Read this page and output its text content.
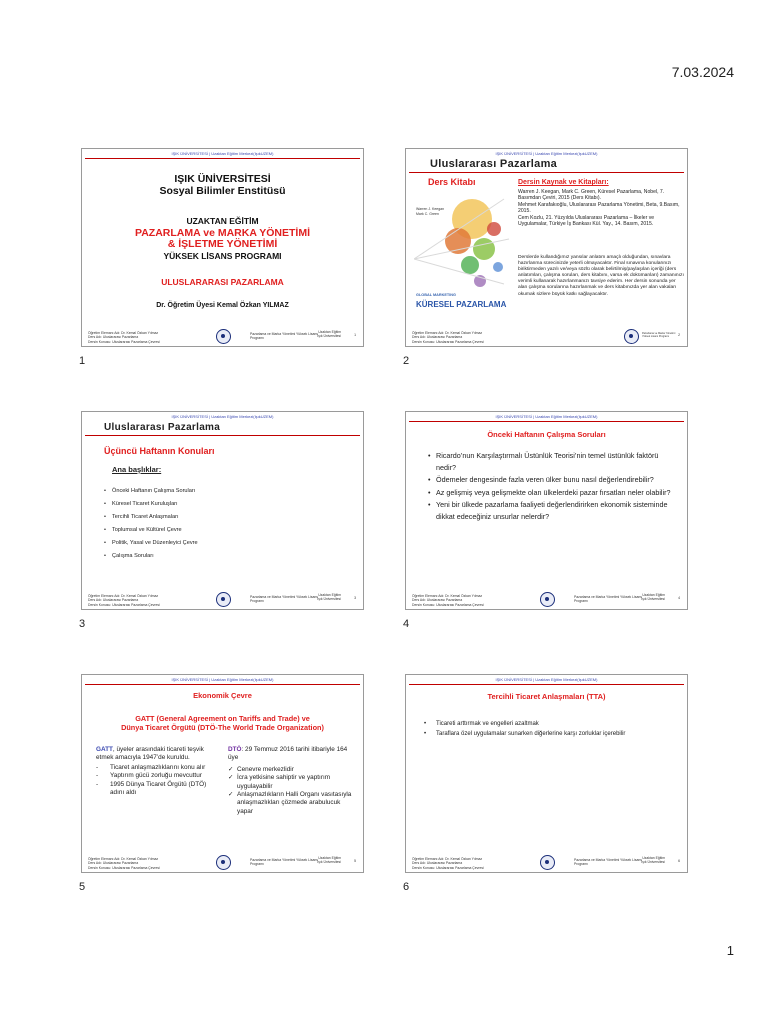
7.03.2024
IŞIK ÜNİVERSİTESİ | Uzaktan Eğitim Merkezi(IşıkUZEM)
IŞIK ÜNİVERSİTESİ
Sosyal Bilimler Enstitüsü
UZAKTAN EĞİTİM
PAZARLAMA ve MARKA YÖNETİMİ
& İŞLETME YÖNETİMİ
YÜKSEK LİSANS PROGRAMI
ULUSLARARASI PAZARLAMA
Dr. Öğretim Üyesi Kemal Özkan YILMAZ
Öğretim Elemanı Adı: Dr. Kemal Özkan Yılmaz
Ders Adı: Uluslararası Pazarlama
Dersin Konusu: Uluslararası Pazarlama Çevresi
Pazarlama ve Marka Yönetimi Yüksek Lisans Programı
Uzaktan Eğitim
Işık Üniversitesi	1
1
IŞIK ÜNİVERSİTESİ | Uzaktan Eğitim Merkezi(IşıkUZEM)
Uluslararası Pazarlama
Ders Kitabı
Warren J. Keegan
Mark C. Green
GLOBAL MARKETING
KÜRESEL PAZARLAMA
Dersin Kaynak ve Kitapları:
Warren J. Keegan, Mark C. Green, Küresel Pazarlama, Nobel, 7. Basımdan Çeviri, 2015 (Ders Kitabı).
Mehmet Karafakıoğlu, Uluslararası Pazarlama Yönetimi, Beta, 9.Basım, 2015.
Cem Kozlu, 21. Yüzyılda Uluslararası Pazarlama – İlkeler ve Uygulamalar, Türkiye İş Bankası Kül. Yay., 14. Basım, 2015.
Derslerde kullandığımız yansılar anlatım amaçlı olduğundan, sınavlara hazırlanma sürecinizde yeterli olmayacaktır. Final sınavına konularınızı biriktirmeden yazılı ve/veya sözlü olarak belirtilmiş/paylaşılan içeriği (ders anlatımları, çalışma soruları, ders kitabını, varsa ek dokümanları) zamanınızı verimli kullanarak hazırlanmanızı tavsiye ederim. Her dersin sonunda yer alan çalışma sorularına hazırlanmak ve ders kitabınızda yer alan vakaları okumak sizlere büyük katkı sağlayacaktır.
Öğretim Elemanı Adı: Dr. Kemal Özkan Yılmaz
Ders Adı: Uluslararası Pazarlama
Dersin Konusu: Uluslararası Pazarlama Çevresi
Pazarlama ve Marka Yönetimi Yüksek Lisans Programı	2
2
IŞIK ÜNİVERSİTESİ | Uzaktan Eğitim Merkezi(IşıkUZEM)
Uluslararası Pazarlama
Üçüncü Haftanın Konuları
Ana başlıklar:
• Önceki Haftanın Çalışma Soruları
• Küresel Ticaret Kuruluşları
• Tercihli Ticaret Anlaşmaları
• Toplumsal ve Kültürel Çevre
• Politik, Yasal ve Düzenleyici Çevre
• Çalışma Soruları
Öğretim Elemanı Adı: Dr. Kemal Özkan Yılmaz
Ders Adı: Uluslararası Pazarlama
Dersin Konusu: Uluslararası Pazarlama Çevresi
Pazarlama ve Marka Yönetimi Yüksek Lisans Programı
Uzaktan Eğitim
Işık Üniversitesi	3
3
IŞIK ÜNİVERSİTESİ | Uzaktan Eğitim Merkezi(IşıkUZEM)
Önceki Haftanın Çalışma Soruları
• Ricardo’nun Karşılaştırmalı Üstünlük Teorisi’nin temel üstünlük faktörü nedir?
• Ödemeler dengesinde fazla veren ülker bunu nasıl değerlendirebilir?
• Az gelişmiş veya gelişmekte olan ülkelerdeki pazar fırsatları neler olabilir?
• Yeni bir ülkede pazarlama faaliyeti değerlendirirken ekonomik sisteminde dikkat edeceğiniz unsurlar nelerdir?
Öğretim Elemanı Adı: Dr. Kemal Özkan Yılmaz
Ders Adı: Uluslararası Pazarlama
Dersin Konusu: Uluslararası Pazarlama Çevresi
Pazarlama ve Marka Yönetimi Yüksek Lisans Programı
Uzaktan Eğitim
Işık Üniversitesi	4
4
IŞIK ÜNİVERSİTESİ | Uzaktan Eğitim Merkezi(IşıkUZEM)
Ekonomik Çevre
GATT (General Agreement on Tariffs and Trade) ve
Dünya Ticaret Örgütü (DTÖ-The World Trade Organization)
GATT, üyeler arasındaki ticareti teşvik etmek amacıyla 1947’de kuruldu.
- Ticaret anlaşmazlıklarını konu alır
- Yaptırım gücü zorluğu mevcuttur
- 1995 Dünya Ticaret Örgütü (DTÖ) adını aldı
DTÖ: 29 Temmuz 2016 tarihi itibariyle 164 üye
✓ Cenevre merkezlidir
✓ İcra yetkisine sahiptir ve yaptırım uygulayabilir
✓ Anlaşmazlıkların Halli Organı vasıtasıyla anlaşmazlıkları çözmede arabulucuk yapar
Öğretim Elemanı Adı: Dr. Kemal Özkan Yılmaz
Ders Adı: Uluslararası Pazarlama
Dersin Konusu: Uluslararası Pazarlama Çevresi
Pazarlama ve Marka Yönetimi Yüksek Lisans Programı
Uzaktan Eğitim
Işık Üniversitesi	5
5
IŞIK ÜNİVERSİTESİ | Uzaktan Eğitim Merkezi(IşıkUZEM)
Tercihli Ticaret Anlaşmaları (TTA)
• Ticareti arttırmak ve engelleri azaltmak
• Taraflara özel uygulamalar sunarken diğerlerine karşı zorluklar içerebilir
Öğretim Elemanı Adı: Dr. Kemal Özkan Yılmaz
Ders Adı: Uluslararası Pazarlama
Dersin Konusu: Uluslararası Pazarlama Çevresi
Pazarlama ve Marka Yönetimi Yüksek Lisans Programı
Uzaktan Eğitim
Işık Üniversitesi	6
6
1
